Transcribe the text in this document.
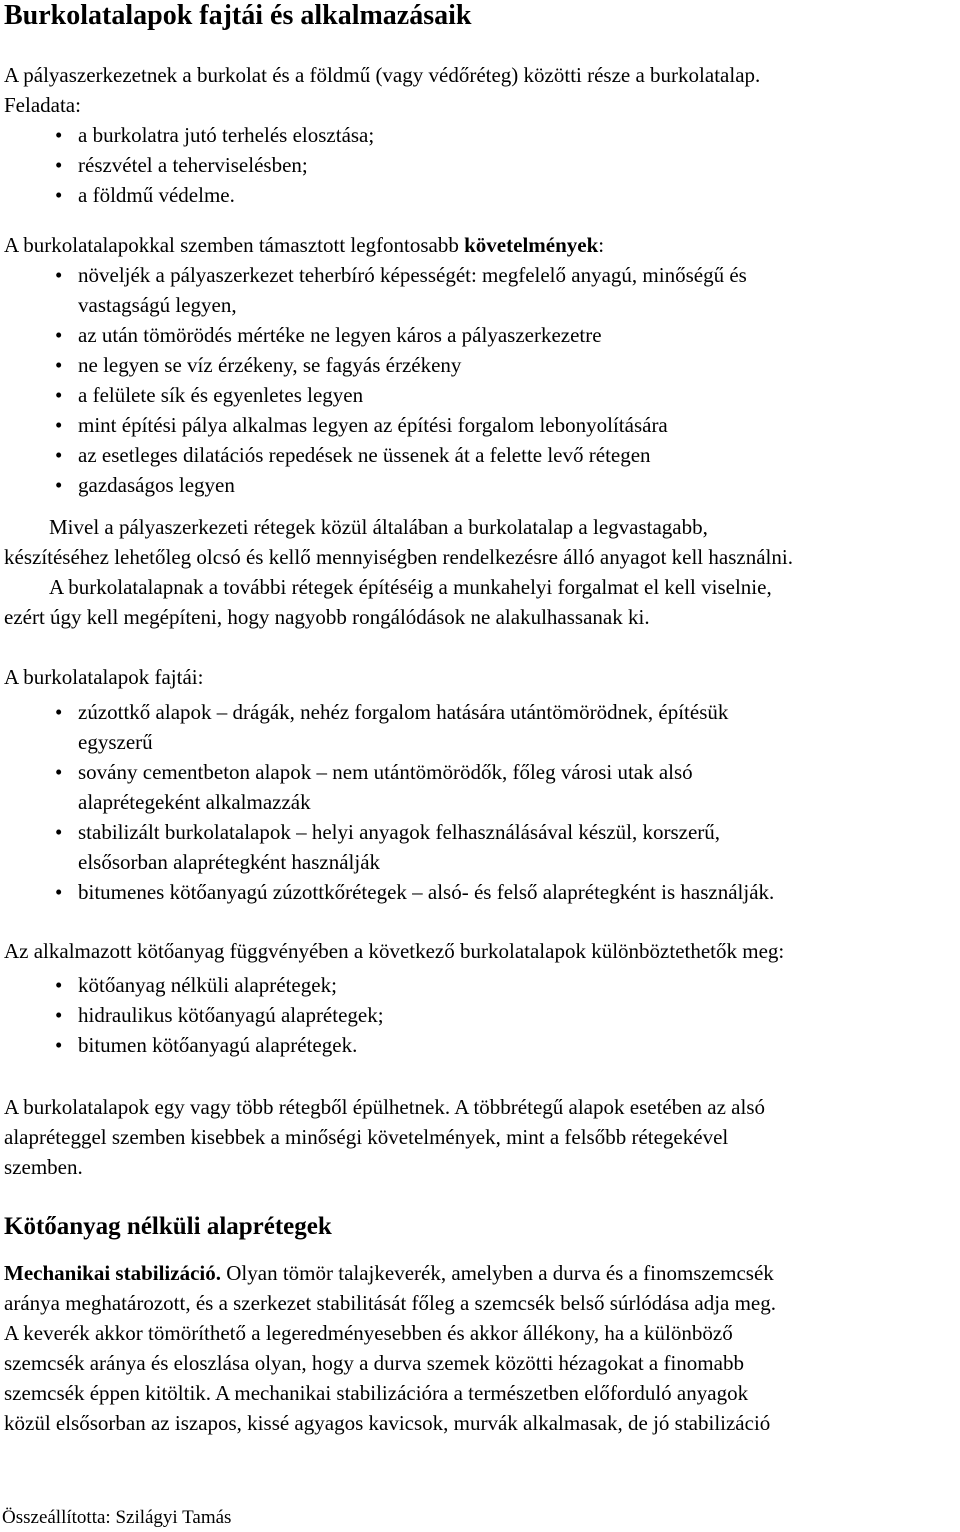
Burkolatalapok fajtái és alkalmazásaik

A pályaszerkezetnek a burkolat és a földmű (vagy védőréteg) közötti része a burkolatalap.

Feladata:

• a burkolatra jutó terhelés elosztása;
• részvétel a teherviselésben;
• a földmű védelme.

A burkolatalapokkal szemben támasztott legfontosabb követelmények:

• növeljék a pályaszerkezet teherbíró képességét: megfelelő anyagú, minőségű és
vastagságú legyen,
• az után tömörödés mértéke ne legyen káros a pályaszerkezetre
• ne legyen se víz érzékeny, se fagyás érzékeny
• a felülete sík és egyenletes legyen
• mint építési pálya alkalmas legyen az építési forgalom lebonyolítására
• az esetleges dilatációs repedések ne üssenek át a felette levő rétegen
• gazdaságos legyen

Mivel a pályaszerkezeti rétegek közül általában a burkolatalap a legvastagabb,

készítéséhez lehetőleg olcsó és kellő mennyiségben rendelkezésre álló anyagot kell használni.

A burkolatalapnak a további rétegek építéséig a munkahelyi forgalmat el kell viselnie,

ezért úgy kell megépíteni, hogy nagyobb rongálódások ne alakulhassanak ki.

A burkolatalapok fajtái:

• zúzottkő alapok – drágák, nehéz forgalom hatására utántömörödnek, építésük
egyszerű
• sovány cementbeton alapok – nem utántömörödők, főleg városi utak alsó
alaprétegeként alkalmazzák
• stabilizált burkolatalapok – helyi anyagok felhasználásával készül, korszerű,
elsősorban alaprétegként használják
• bitumenes kötőanyagú zúzottkőrétegek – alsó- és felső alaprétegként is használják.

Az alkalmazott kötőanyag függvényében a következő burkolatalapok különböztethetők meg:

• kötőanyag nélküli alaprétegek;
• hidraulikus kötőanyagú alaprétegek;
• bitumen kötőanyagú alaprétegek.

A burkolatalapok egy vagy több rétegből épülhetnek. A többrétegű alapok esetében az alsó

alapréteggel szemben kisebbek a minőségi követelmények, mint a felsőbb rétegekével

szemben.

Kötőanyag nélküli alaprétegek

Mechanikai stabilizáció. Olyan tömör talajkeverék, amelyben a durva és a finomszemcsék

aránya meghatározott, és a szerkezet stabilitását főleg a szemcsék belső súrlódása adja meg.

A keverék akkor tömöríthető a legeredményesebben és akkor állékony, ha a különböző

szemcsék aránya és eloszlása olyan, hogy a durva szemek közötti hézagokat a finomabb

szemcsék éppen kitöltik. A mechanikai stabilizációra a természetben előforduló anyagok

közül elsősorban az iszapos, kissé agyagos kavicsok, murvák alkalmasak, de jó stabilizáció

Összeállította: Szilágyi Tamás
